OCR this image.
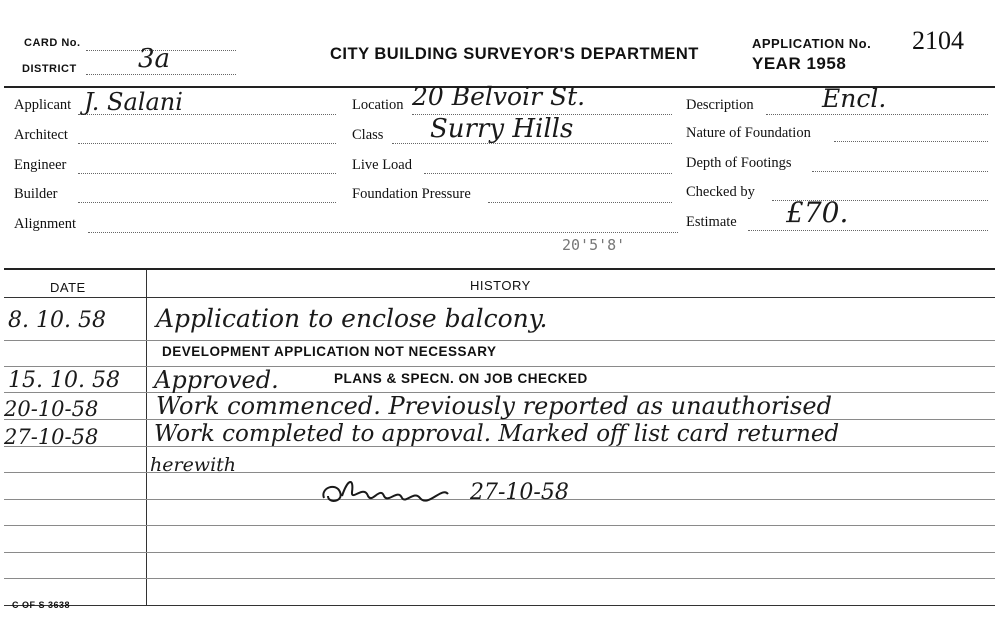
CARD No.
DISTRICT 3a	CITY BUILDING SURVEYOR'S DEPARTMENT
APPLICATION No. 2104
YEAR 1958
Applicant J. Salani
Architect
Engineer
Builder
Alignment
Location 20 Belvoir St.
Class Surry Hills
Live Load
Foundation Pressure
Description	Encl.
Nature of Foundation
Depth of Footings
Checked by
Estimate £70.
20'5'8'
DATE	HISTORY
8. 10. 58 Application to enclose balcony.
DEVELOPMENT APPLICATION NOT NECESSARY
15. 10. 58 Approved.	PLANS & SPECN. ON JOB CHECKED
20-10-58 Work commenced. Previously reported as unauthorised
27-10-58 Work completed to approval. Marked off list card returned
herewith
27-10-58
C OF S 3638
